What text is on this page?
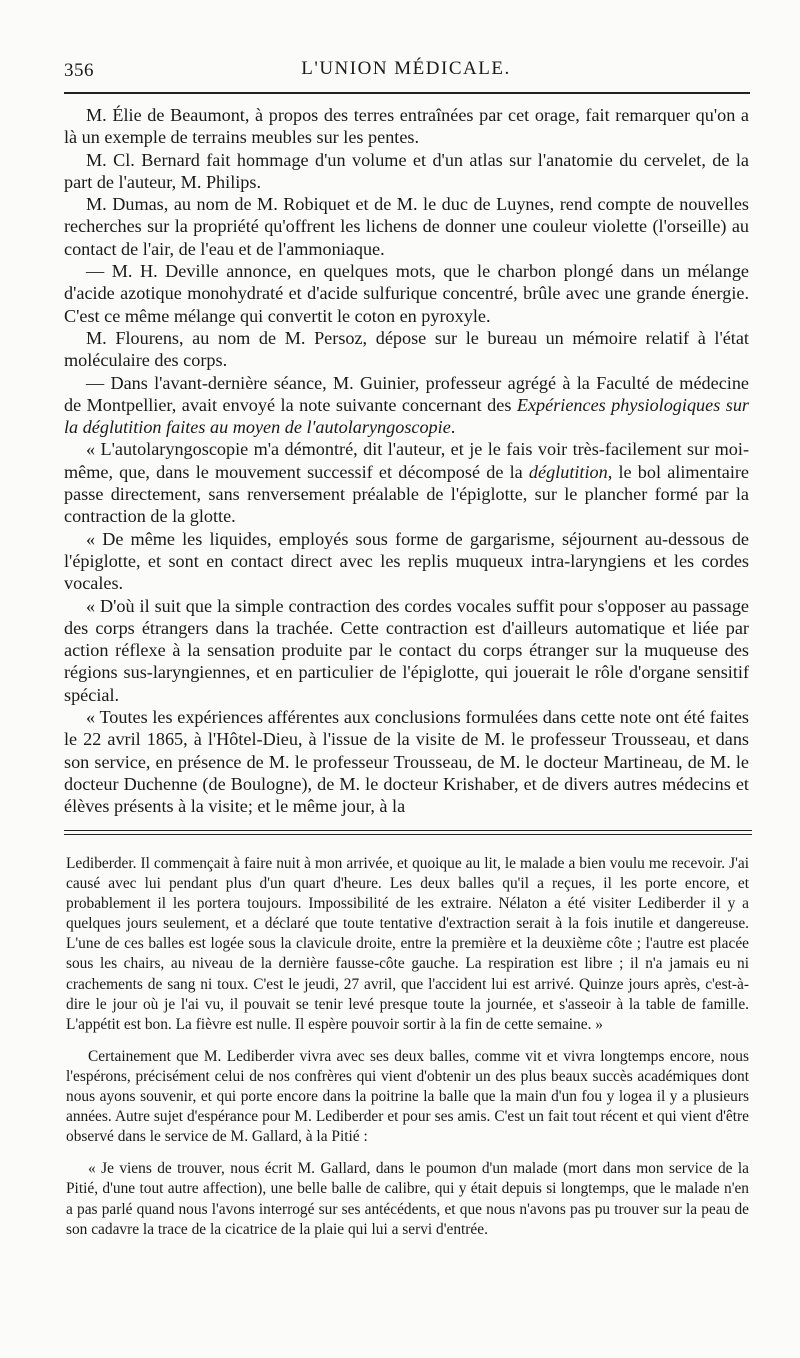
356	L'UNION MÉDICALE.

M. Élie de Beaumont, à propos des terres entraînées par cet orage, fait remarquer qu'on a là un exemple de terrains meubles sur les pentes.

M. Cl. Bernard fait hommage d'un volume et d'un atlas sur l'anatomie du cervelet, de la part de l'auteur, M. Philips.

M. Dumas, au nom de M. Robiquet et de M. le duc de Luynes, rend compte de nouvelles recherches sur la propriété qu'offrent les lichens de donner une couleur violette (l'orseille) au contact de l'air, de l'eau et de l'ammoniaque.

— M. H. Deville annonce, en quelques mots, que le charbon plongé dans un mélange d'acide azotique monohydraté et d'acide sulfurique concentré, brûle avec une grande énergie. C'est ce même mélange qui convertit le coton en pyroxyle.

M. Flourens, au nom de M. Persoz, dépose sur le bureau un mémoire relatif à l'état moléculaire des corps.

— Dans l'avant-dernière séance, M. Guinier, professeur agrégé à la Faculté de médecine de Montpellier, avait envoyé la note suivante concernant des Expériences physiologiques sur la déglutition faites au moyen de l'autolaryngoscopie.

« L'autolaryngoscopie m'a démontré, dit l'auteur, et je le fais voir très-facilement sur moi-même, que, dans le mouvement successif et décomposé de la déglutition, le bol alimentaire passe directement, sans renversement préalable de l'épiglotte, sur le plancher formé par la contraction de la glotte.

« De même les liquides, employés sous forme de gargarisme, séjournent au-dessous de l'épiglotte, et sont en contact direct avec les replis muqueux intra-laryngiens et les cordes vocales.

« D'où il suit que la simple contraction des cordes vocales suffit pour s'opposer au passage des corps étrangers dans la trachée. Cette contraction est d'ailleurs automatique et liée par action réflexe à la sensation produite par le contact du corps étranger sur la muqueuse des régions sus-laryngiennes, et en particulier de l'épiglotte, qui jouerait le rôle d'organe sensitif spécial.

« Toutes les expériences afférentes aux conclusions formulées dans cette note ont été faites le 22 avril 1865, à l'Hôtel-Dieu, à l'issue de la visite de M. le professeur Trousseau, et dans son service, en présence de M. le professeur Trousseau, de M. le docteur Martineau, de M. le docteur Duchenne (de Boulogne), de M. le docteur Krishaber, et de divers autres médecins et élèves présents à la visite; et le même jour, à la

Lediberder. Il commençait à faire nuit à mon arrivée, et quoique au lit, le malade a bien voulu me recevoir. J'ai causé avec lui pendant plus d'un quart d'heure. Les deux balles qu'il a reçues, il les porte encore, et probablement il les portera toujours. Impossibilité de les extraire. Nélaton a été visiter Lediberder il y a quelques jours seulement, et a déclaré que toute tentative d'extraction serait à la fois inutile et dangereuse. L'une de ces balles est logée sous la clavicule droite, entre la première et la deuxième côte ; l'autre est placée sous les chairs, au niveau de la dernière fausse-côte gauche. La respiration est libre ; il n'a jamais eu ni crachements de sang ni toux. C'est le jeudi, 27 avril, que l'accident lui est arrivé. Quinze jours après, c'est-à-dire le jour où je l'ai vu, il pouvait se tenir levé presque toute la journée, et s'asseoir à la table de famille. L'appétit est bon. La fièvre est nulle. Il espère pouvoir sortir à la fin de cette semaine. »

Certainement que M. Lediberder vivra avec ses deux balles, comme vit et vivra longtemps encore, nous l'espérons, précisément celui de nos confrères qui vient d'obtenir un des plus beaux succès académiques dont nous ayons souvenir, et qui porte encore dans la poitrine la balle que la main d'un fou y logea il y a plusieurs années. Autre sujet d'espérance pour M. Lediberder et pour ses amis. C'est un fait tout récent et qui vient d'être observé dans le service de M. Gallard, à la Pitié :

« Je viens de trouver, nous écrit M. Gallard, dans le poumon d'un malade (mort dans mon service de la Pitié, d'une tout autre affection), une belle balle de calibre, qui y était depuis si longtemps, que le malade n'en a pas parlé quand nous l'avons interrogé sur ses antécédents, et que nous n'avons pas pu trouver sur la peau de son cadavre la trace de la cicatrice de la plaie qui lui a servi d'entrée.
